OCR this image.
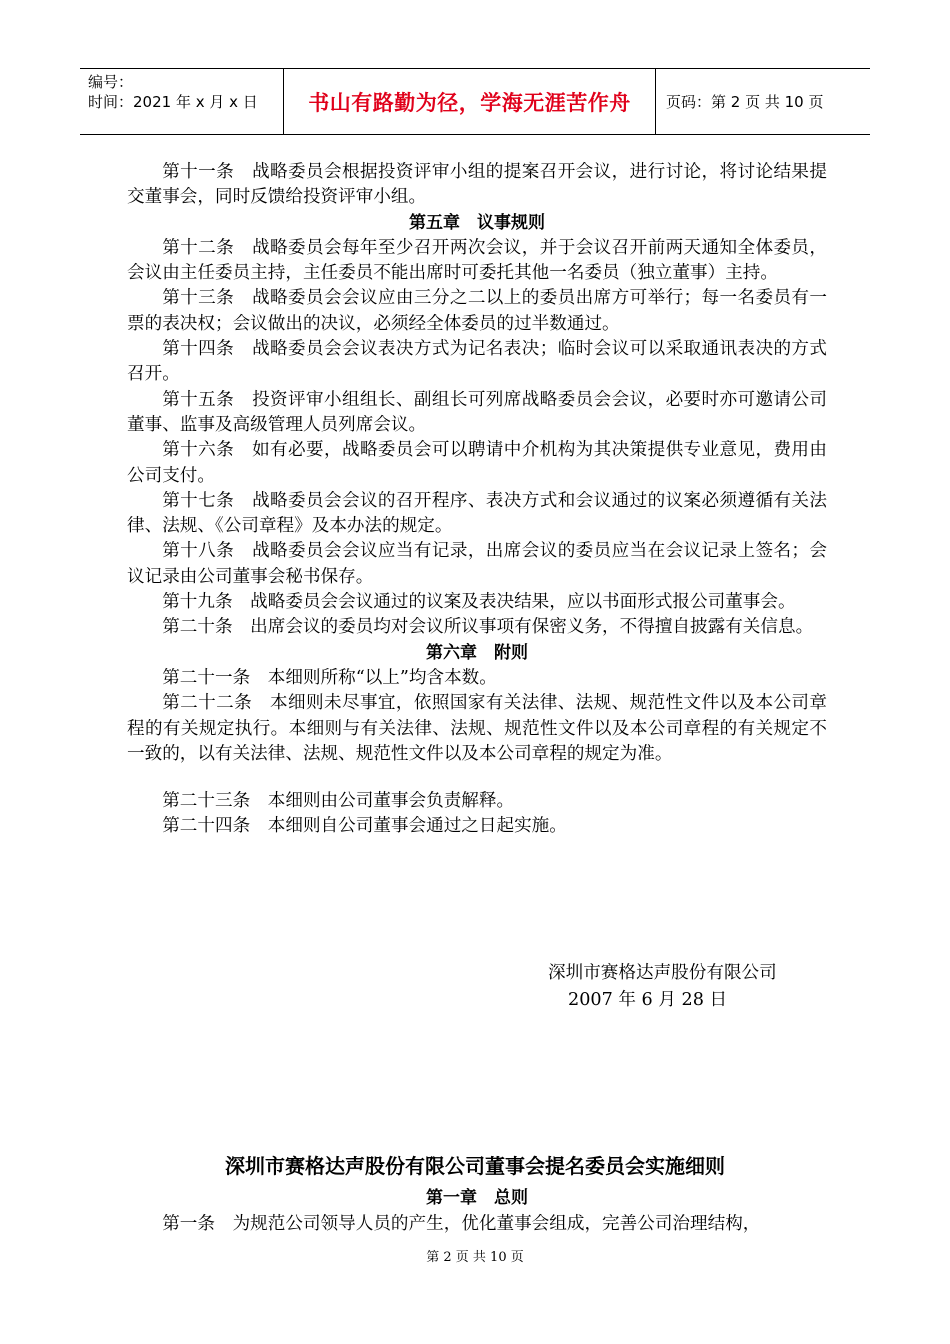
编号：
时间：2021 年 x 月 x 日	书山有路勤为径，学海无涯苦作舟 页码：第 2 页 共 10 页

第十一条　战略委员会根据投资评审小组的提案召开会议，进行讨论，将讨论结果提交董事会，同时反馈给投资评审小组。

第五章　议事规则

第十二条　战略委员会每年至少召开两次会议，并于会议召开前两天通知全体委员，会议由主任委员主持，主任委员不能出席时可委托其他一名委员（独立董事）主持。

第十三条　战略委员会会议应由三分之二以上的委员出席方可举行；每一名委员有一票的表决权；会议做出的决议，必须经全体委员的过半数通过。

第十四条　战略委员会会议表决方式为记名表决；临时会议可以采取通讯表决的方式召开。

第十五条　投资评审小组组长、副组长可列席战略委员会会议，必要时亦可邀请公司董事、监事及高级管理人员列席会议。

第十六条　如有必要，战略委员会可以聘请中介机构为其决策提供专业意见，费用由公司支付。

第十七条　战略委员会会议的召开程序、表决方式和会议通过的议案必须遵循有关法律、法规、《公司章程》及本办法的规定。

第十八条　战略委员会会议应当有记录，出席会议的委员应当在会议记录上签名；会议记录由公司董事会秘书保存。

第十九条　战略委员会会议通过的议案及表决结果，应以书面形式报公司董事会。

第二十条　出席会议的委员均对会议所议事项有保密义务，不得擅自披露有关信息。

第六章　附则

第二十一条　本细则所称“以上”均含本数。

第二十二条　本细则未尽事宜，依照国家有关法律、法规、规范性文件以及本公司章程的有关规定执行。本细则与有关法律、法规、规范性文件以及本公司章程的有关规定不一致的，以有关法律、法规、规范性文件以及本公司章程的规定为准。

第二十三条　本细则由公司董事会负责解释。

第二十四条　本细则自公司董事会通过之日起实施。

深圳市赛格达声股份有限公司
2007 年 6 月 28 日
深圳市赛格达声股份有限公司董事会提名委员会实施细则

第一章　总则

第一条　为规范公司领导人员的产生，优化董事会组成，完善公司治理结构，

第 2 页 共 10 页
